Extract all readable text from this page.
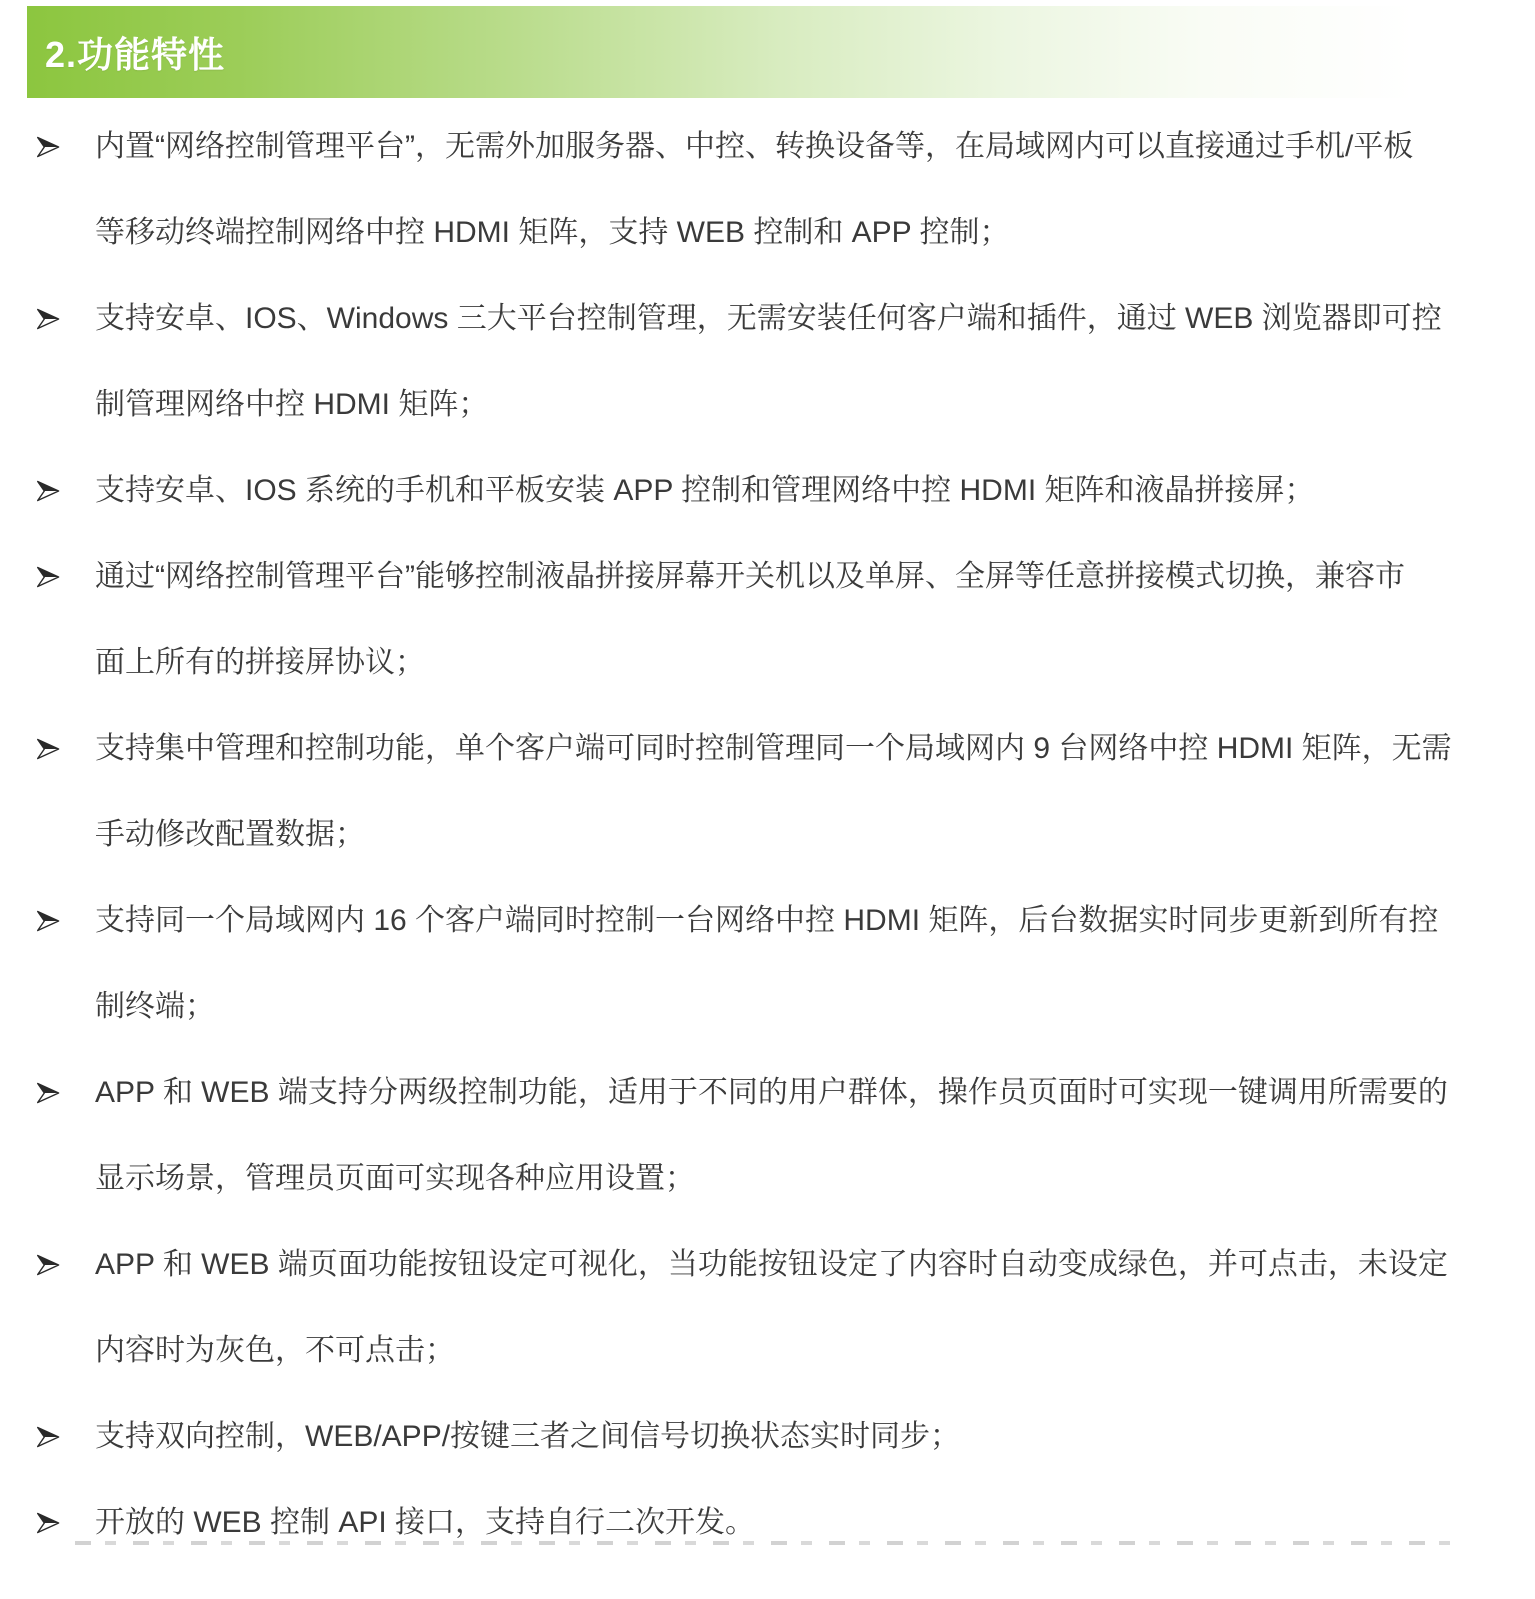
2.功能特性
内置“网络控制管理平台”，无需外加服务器、中控、转换设备等，在局域网内可以直接通过手机/平板
等移动终端控制网络中控 HDMI 矩阵，支持 WEB 控制和 APP 控制；
支持安卓、IOS、Windows 三大平台控制管理，无需安装任何客户端和插件，通过 WEB 浏览器即可控
制管理网络中控 HDMI 矩阵；
支持安卓、IOS 系统的手机和平板安装 APP 控制和管理网络中控 HDMI 矩阵和液晶拼接屏；
通过“网络控制管理平台”能够控制液晶拼接屏幕开关机以及单屏、全屏等任意拼接模式切换，兼容市
面上所有的拼接屏协议；
支持集中管理和控制功能，单个客户端可同时控制管理同一个局域网内 9 台网络中控 HDMI 矩阵，无需
手动修改配置数据；
支持同一个局域网内 16 个客户端同时控制一台网络中控 HDMI 矩阵，后台数据实时同步更新到所有控
制终端；
APP 和 WEB 端支持分两级控制功能，适用于不同的用户群体，操作员页面时可实现一键调用所需要的
显示场景，管理员页面可实现各种应用设置；
APP 和 WEB 端页面功能按钮设定可视化，当功能按钮设定了内容时自动变成绿色，并可点击，未设定
内容时为灰色，不可点击；
支持双向控制，WEB/APP/按键三者之间信号切换状态实时同步；
开放的 WEB 控制 API 接口，支持自行二次开发。
